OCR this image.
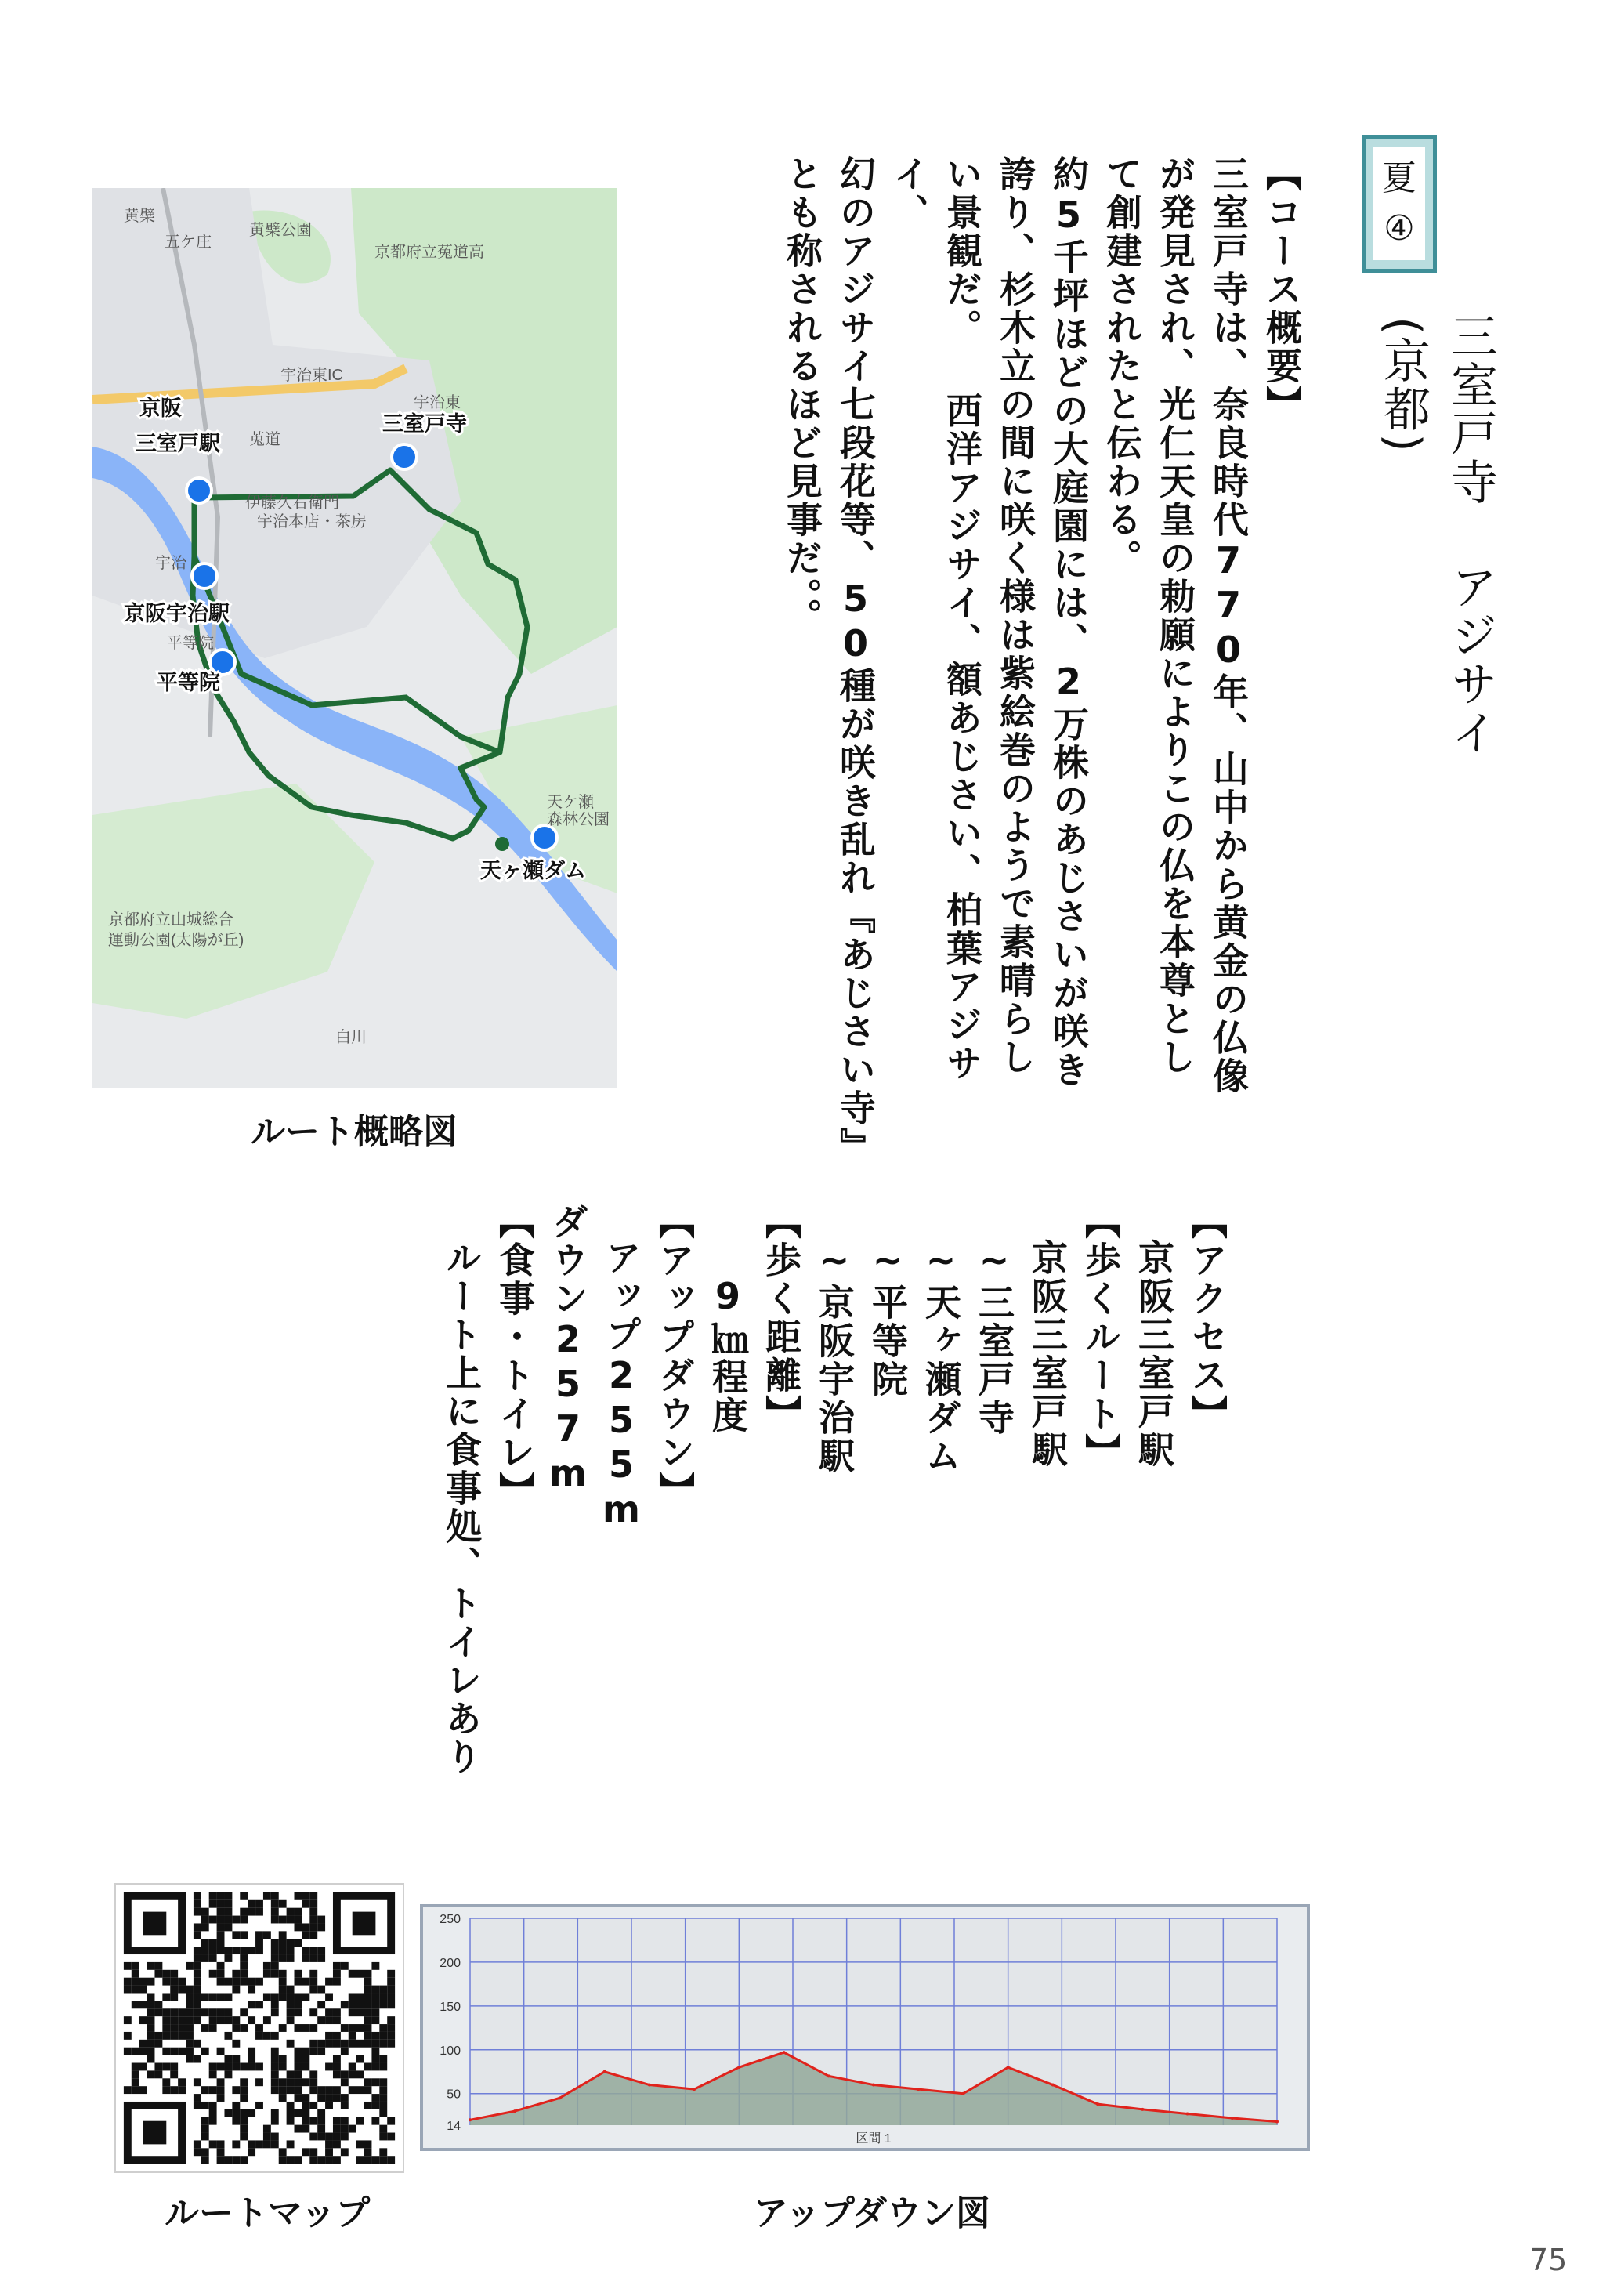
夏
④
三室戸寺 アジサイ
(京都)
【コース概要】
三室戸寺は、奈良時代770年、山中から黄金の仏像
が発見され、光仁天皇の勅願によりこの仏を本尊とし
て創建されたと伝わる。
約5千坪ほどの大庭園には、2万株のあじさいが咲き
誇り、杉木立の間に咲く様は紫絵巻のようで素晴らし
い景観だ。 西洋アジサイ、額あじさい、柏葉アジサイ、
幻のアジサイ七段花等、50種が咲き乱れ『あじさい寺』
とも称されるほど見事だ。。
【アクセス】
京阪三室戸駅
【歩くルート】
京阪三室戸駅
~三室戸寺
~天ヶ瀬ダム
~平等院
~京阪宇治駅
【歩く距離】
9㎞程度
【アップダウン】
アップ255m
ダウン257m
【食事・トイレ】
ルート上に食事処、トイレあり
黄檗
黄檗公園
五ケ庄
京都府立菟道高
宇治東IC
宇治東
伊藤久右衛門
宇治本店・茶房
宇治
平等院
天ケ瀬
森林公園
京都府立山城総合
運動公園(太陽が丘)
白川
莵道
京阪
三室戸駅
三室戸寺
京阪宇治駅
平等院
天ヶ瀬ダム
ルート概略図
ルートマップ
14
50
100
150
200
250
区間 1
アップダウン図
75
